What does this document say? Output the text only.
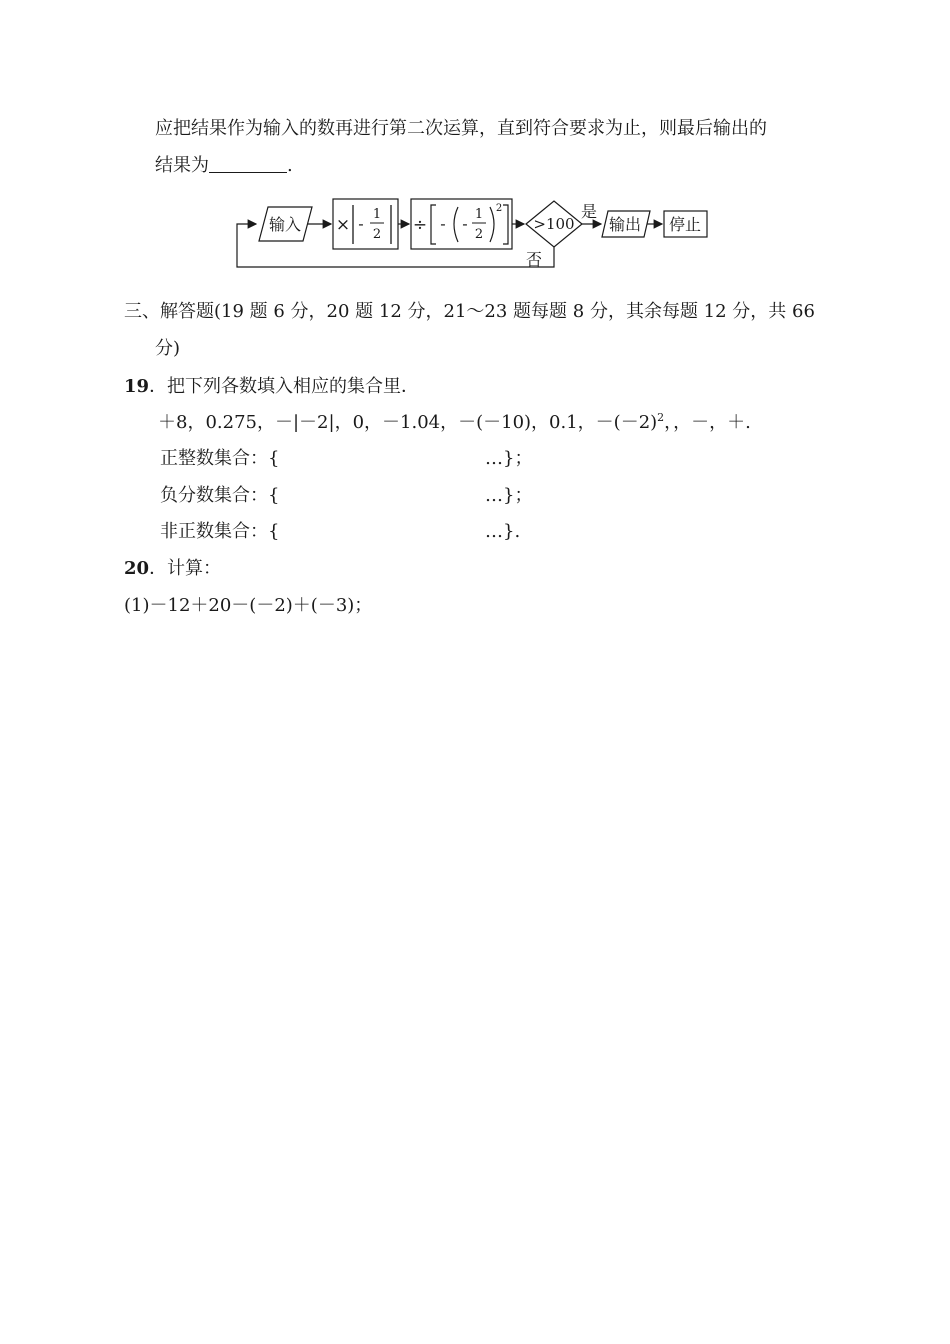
应把结果作为输入的数再进行第二次运算，直到符合要求为止，则最后输出的
结果为	.
输入 × - 1
2 ÷ - - 1
2
2
>100
是
输出 停止
否
三、解答题(19 题 6 分，20 题 12 分，21～23 题每题 8 分，其余每题 12 分，共 66
分)
19．把下列各数填入相应的集合里．
＋8，0.275，－|－2|，0，－1.04，－(－10)，0.1，$-(-2)^2$，，－，＋.
正整数集合：{	…}；
负分数集合：{	…}；
非正数集合：{	…}.
20．计算：
(1)－12＋20－(－2)＋(－3)；
